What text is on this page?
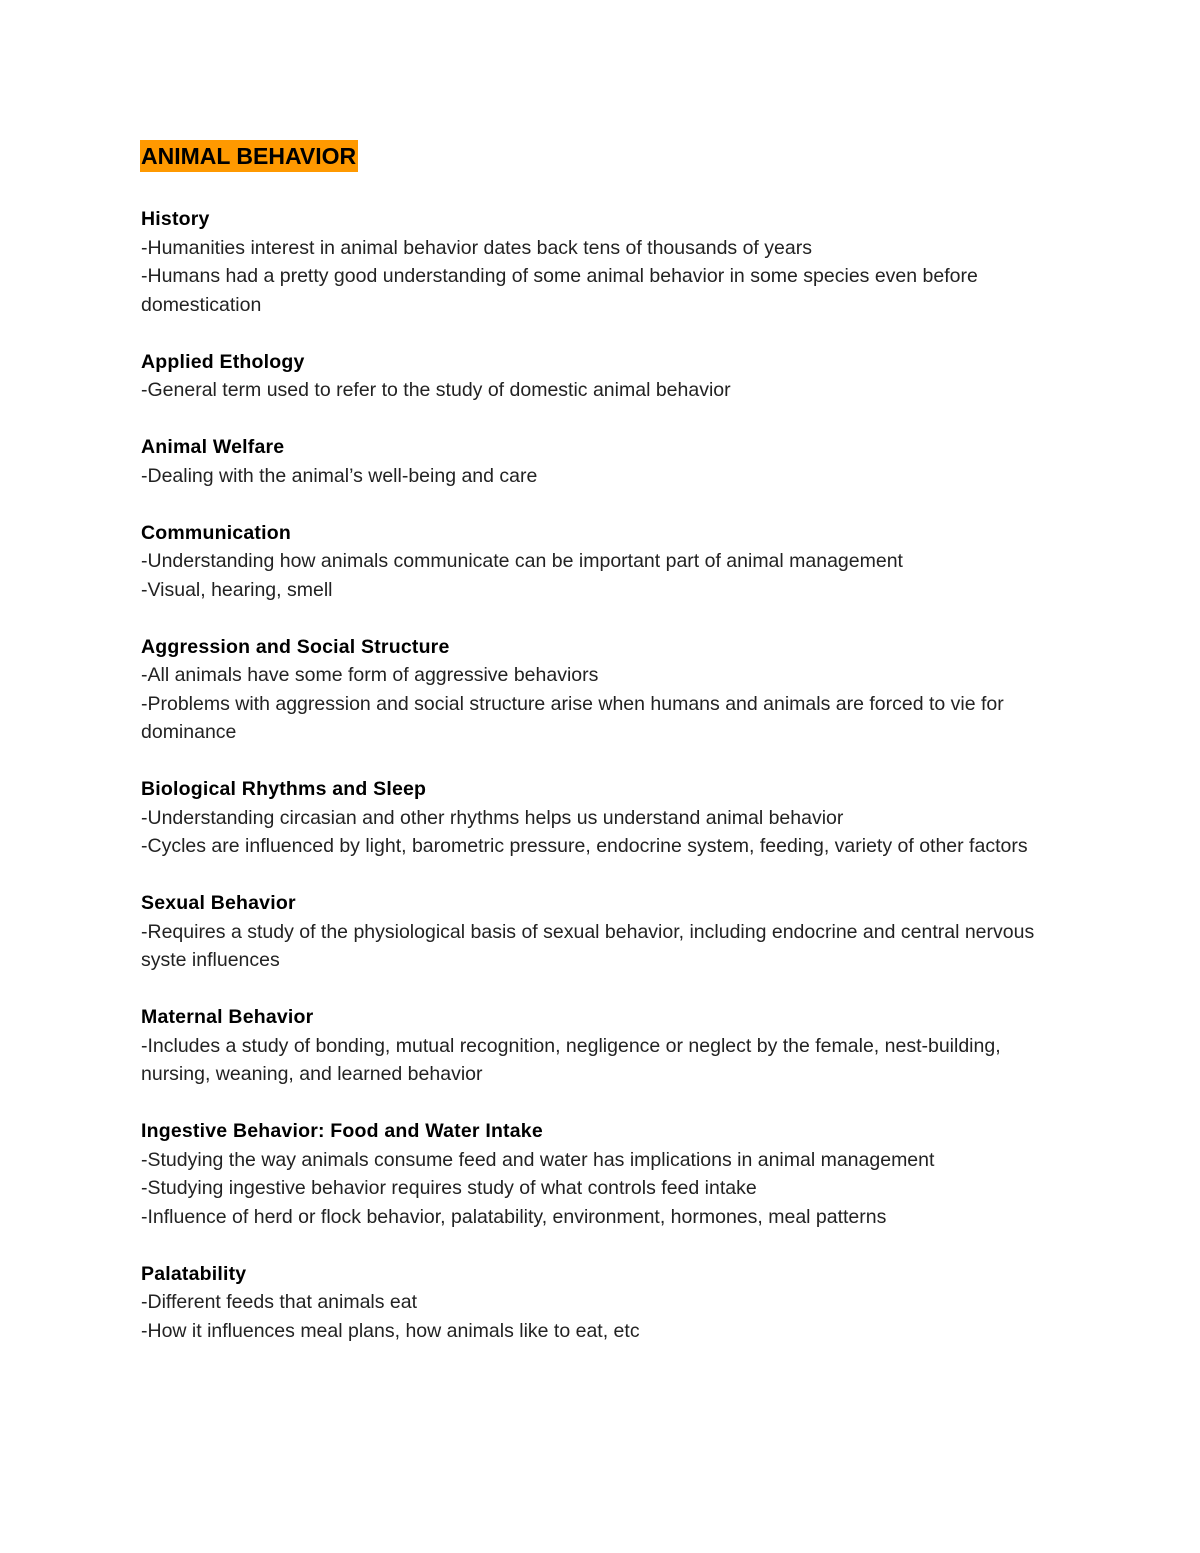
ANIMAL BEHAVIOR
History
-Humanities interest in animal behavior dates back tens of thousands of years
-Humans had a pretty good understanding of some animal behavior in some species even before domestication
Applied Ethology
-General term used to refer to the study of domestic animal behavior
Animal Welfare
-Dealing with the animal’s well-being and care
Communication
-Understanding how animals communicate can be important part of animal management
-Visual, hearing, smell
Aggression and Social Structure
-All animals have some form of aggressive behaviors
-Problems with aggression and social structure arise when humans and animals are forced to vie for dominance
Biological Rhythms and Sleep
-Understanding circasian and other rhythms helps us understand animal behavior
-Cycles are influenced by light, barometric pressure, endocrine system, feeding, variety of other factors
Sexual Behavior
-Requires a study of the physiological basis of sexual behavior, including endocrine and central nervous syste influences
Maternal Behavior
-Includes a study of bonding, mutual recognition, negligence or neglect by the female, nest-building, nursing, weaning, and learned behavior
Ingestive Behavior: Food and Water Intake
-Studying the way animals consume feed and water has implications in animal management
-Studying ingestive behavior requires study of what controls feed intake
-Influence of herd or flock behavior, palatability, environment, hormones, meal patterns
Palatability
-Different feeds that animals eat
-How it influences meal plans, how animals like to eat, etc
